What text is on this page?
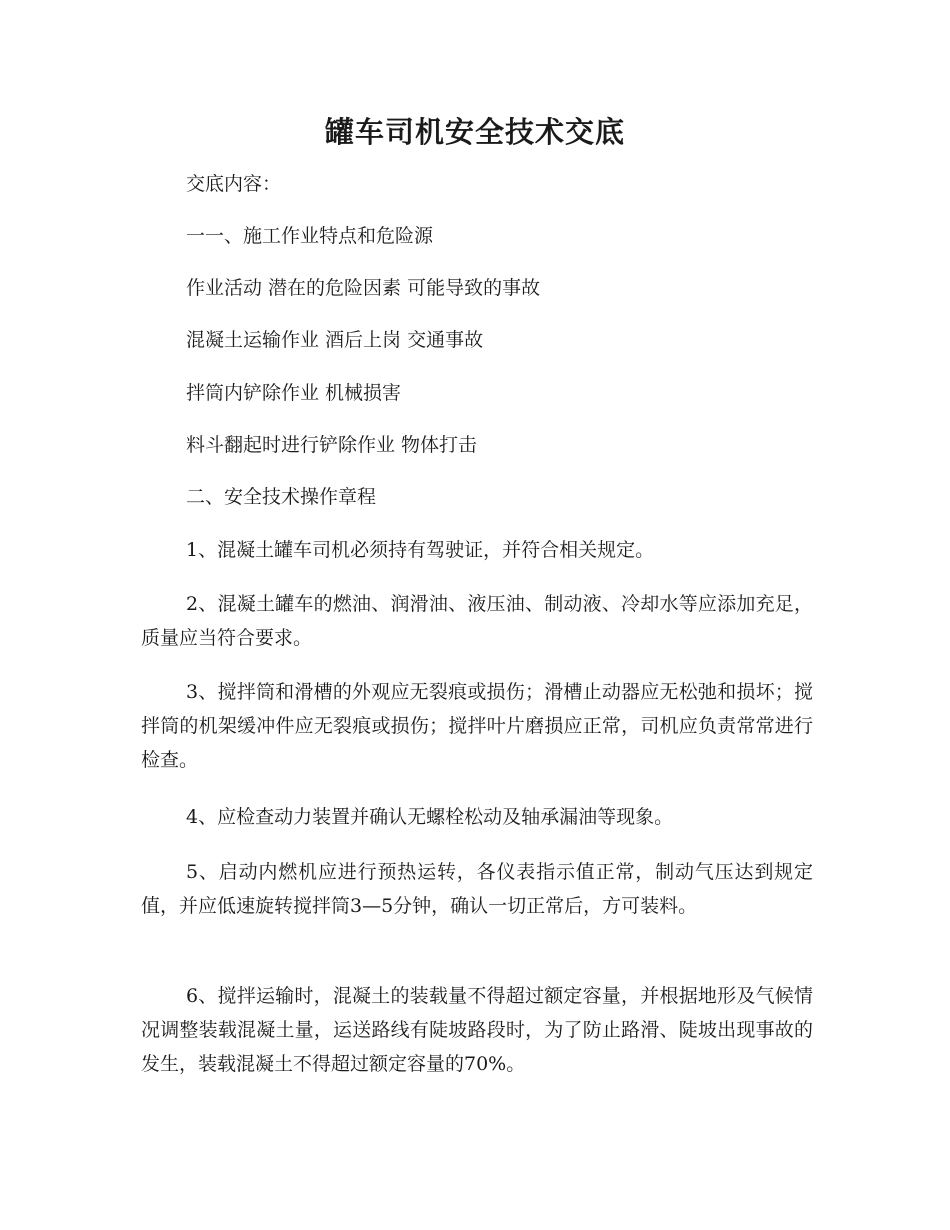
罐车司机安全技术交底

交底内容：

一一、施工作业特点和危险源

作业活动 潜在的危险因素 可能导致的事故

混凝土运输作业 酒后上岗 交通事故

拌筒内铲除作业 机械损害

料斗翻起时进行铲除作业 物体打击

二、安全技术操作章程

1、混凝土罐车司机必须持有驾驶证，并符合相关规定。

2、混凝土罐车的燃油、润滑油、液压油、制动液、冷却水等应添加充足，质量应当符合要求。

3、搅拌筒和滑槽的外观应无裂痕或损伤；滑槽止动器应无松弛和损坏；搅拌筒的机架缓冲件应无裂痕或损伤；搅拌叶片磨损应正常，司机应负责常常进行检查。

4、应检查动力装置并确认无螺栓松动及轴承漏油等现象。

5、启动内燃机应进行预热运转，各仪表指示值正常，制动气压达到规定值，并应低速旋转搅拌筒3—5分钟，确认一切正常后，方可装料。

6、搅拌运输时，混凝土的装载量不得超过额定容量，并根据地形及气候情况调整装载混凝土量，运送路线有陡坡路段时，为了防止路滑、陡坡出现事故的发生，装载混凝土不得超过额定容量的70%。
